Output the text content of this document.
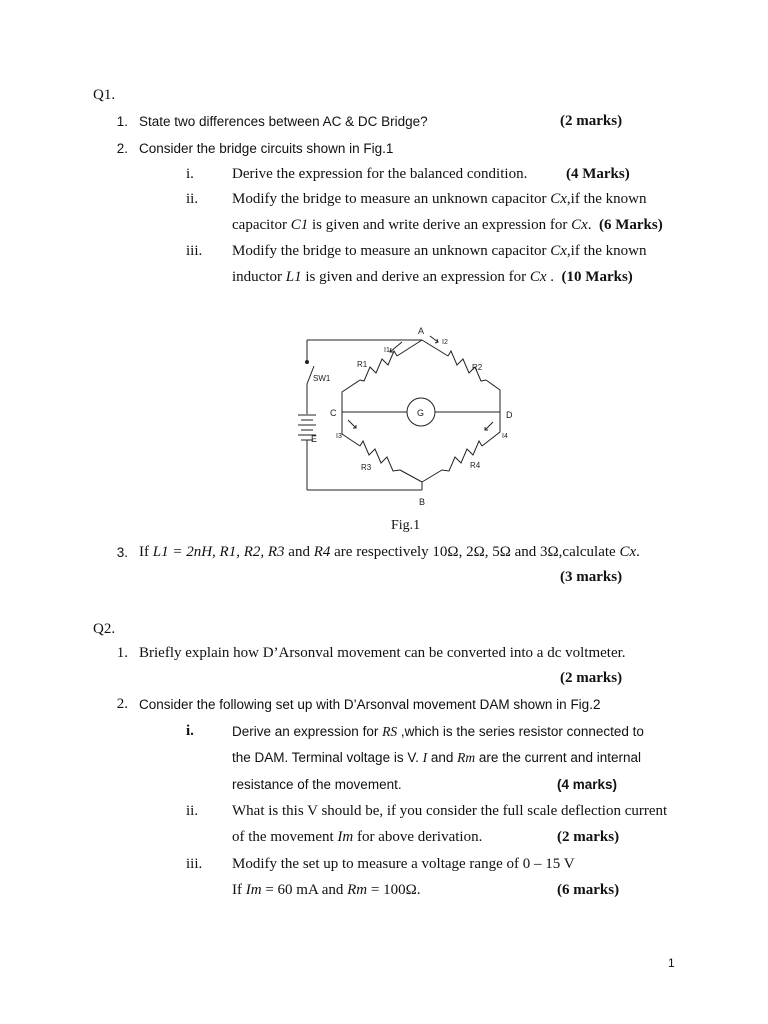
Q1.
1. State two differences between AC & DC Bridge?	(2 marks)
2. Consider the bridge circuits shown in Fig.1
i.	Derive the expression for the balanced condition.	(4 Marks)
ii. Modify the bridge to measure an unknown capacitor Cx,if the known
capacitor C1 is given and write derive an expression for Cx. (6 Marks)
iii. Modify the bridge to measure an unknown capacitor Cx,if the known
inductor L1 is given and derive an expression for Cx . (10 Marks)
A
B
C	D
G
E
SW1
R1	R2
R3	R4
I1
I2
I3	I4
Fig.1
3. If L1 = 2nH, R1, R2, R3 and R4 are respectively 10Ω, 2Ω, 5Ω and 3Ω,calculate Cx.
(3 marks)
Q2.
1. Briefly explain how D’Arsonval movement can be converted into a dc voltmeter.
(2 marks)
2. Consider the following set up with D’Arsonval movement DAM shown in Fig.2
i.	Derive an expression for RS ,which is the series resistor connected to
the DAM. Terminal voltage is V. I and Rm are the current and internal
resistance of the movement.	(4 marks)
ii. What is this V should be, if you consider the full scale deflection current
of the movement Im for above derivation.	(2 marks)
iii. Modify the set up to measure a voltage range of 0 – 15 V
If Im = 60 mA and Rm = 100Ω.	(6 marks)
1
